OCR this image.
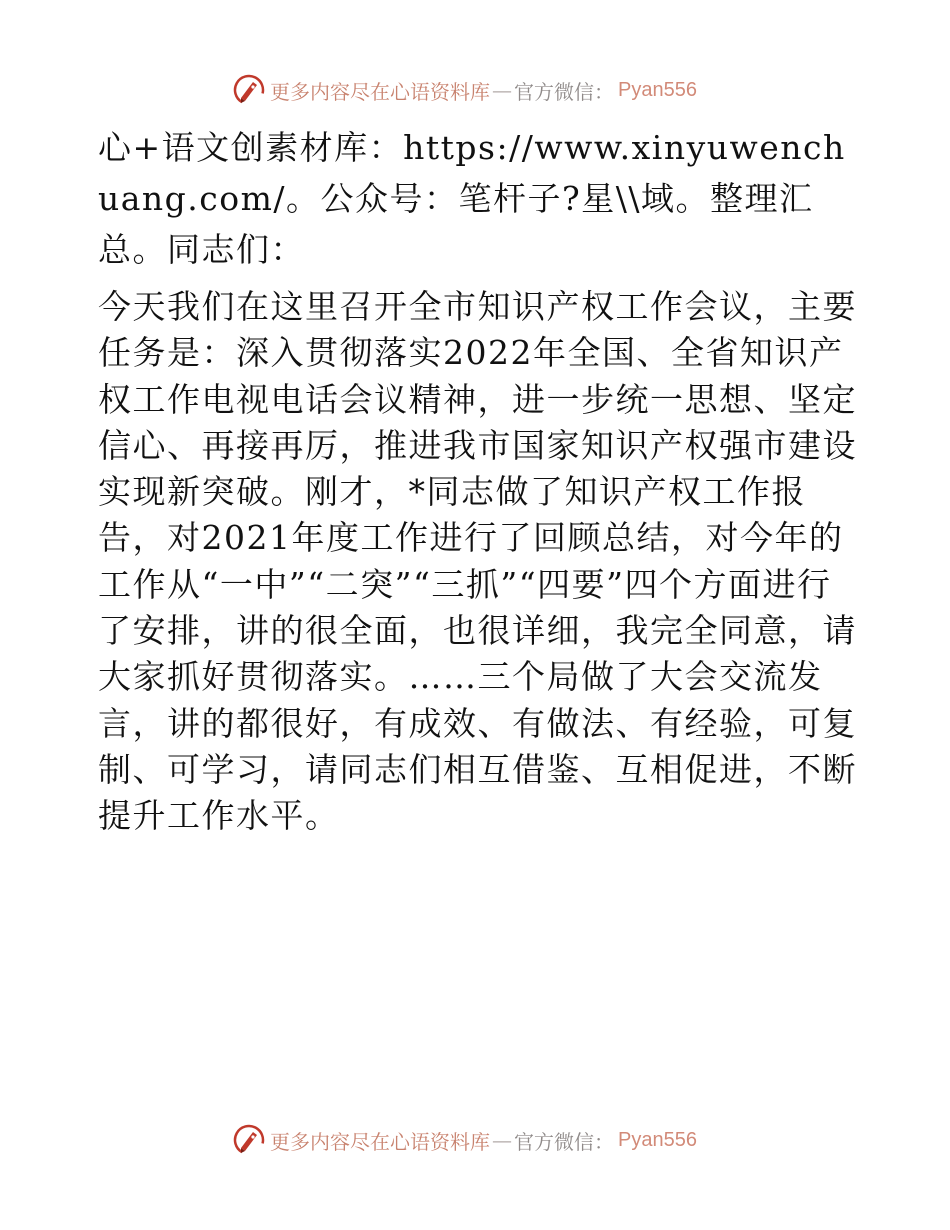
更多内容尽在心语资料库 — 官方微信： Pyan556

心+语文创素材库：https://www.xinyuwenchuang.com/。公众号：笔杆子?星\\域。整理汇总。同志们：

今天我们在这里召开全市知识产权工作会议，主要任务是：深入贯彻落实2022年全国、全省知识产权工作电视电话会议精神，进一步统一思想、坚定信心、再接再厉，推进我市国家知识产权强市建设实现新突破。刚才，*同志做了知识产权工作报告，对2021年度工作进行了回顾总结，对今年的工作从“一中”“二突”“三抓”“四要”四个方面进行了安排，讲的很全面，也很详细，我完全同意，请大家抓好贯彻落实。……三个局做了大会交流发言，讲的都很好，有成效、有做法、有经验，可复制、可学习，请同志们相互借鉴、互相促进，不断提升工作水平。

更多内容尽在心语资料库 — 官方微信： Pyan556
